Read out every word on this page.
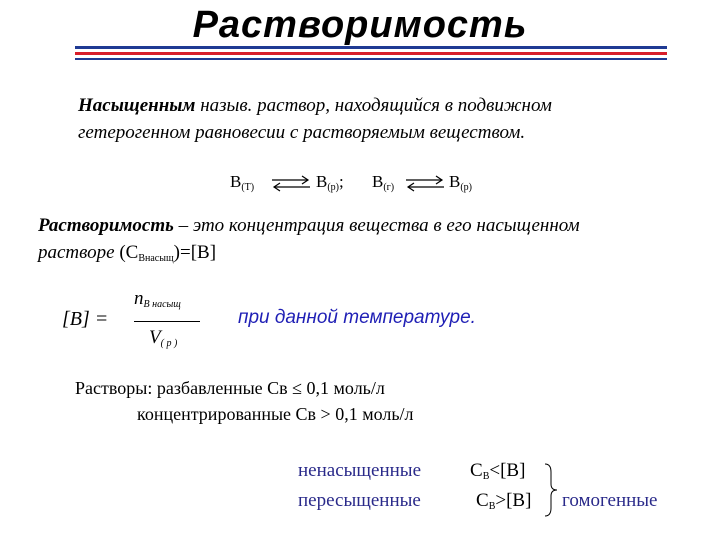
Растворимость
Насыщенным назыв. раствор, находящийся в подвижном
гетерогенном равновесии с растворяемым веществом.
$B_{(Т)}$ ⇌ $B_{(р)}$; $B_{(г)}$ ⇌ $B_{(р)}$
Растворимость – это концентрация вещества в его насыщенном
растворе $(C_{Внасыщ})=[B]$
[B] =
$n_{B насыщ}$
$V_{( p )}$
при данной температуре.
Растворы: разбавленные Cв ≤ 0,1 моль/л
концентрированные Cв > 0,1 моль/л
ненасыщенные	$C_B<[B]$
пересыщенные	$C_B>[B]$ гомогенные
